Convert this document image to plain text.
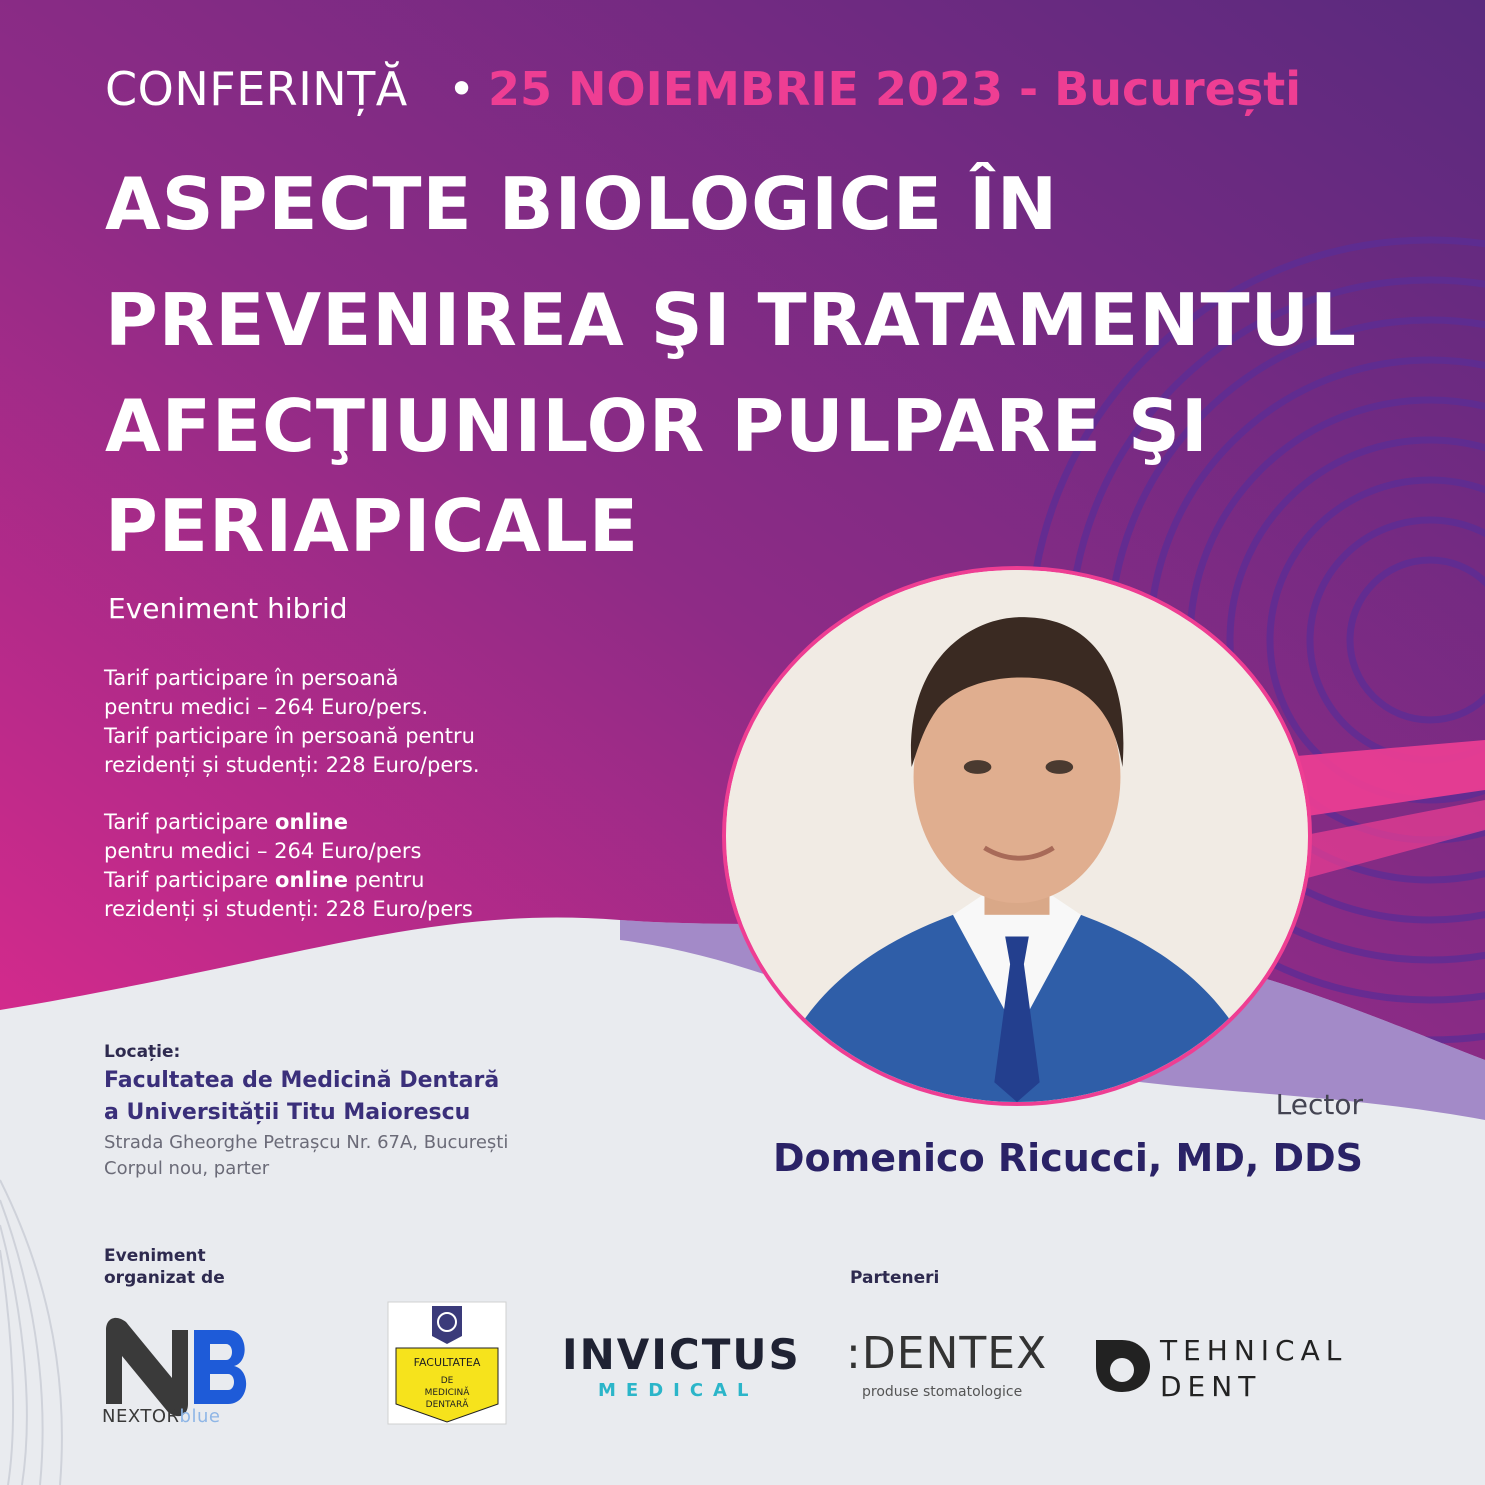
CONFERINȚĂ • 25 NOIEMBRIE 2023 - București
ASPECTE BIOLOGICE ÎN
PREVENIREA ŞI TRATAMENTUL
AFECŢIUNILOR PULPARE ŞI
PERIAPICALE
Eveniment hibrid
Tarif participare în persoană
pentru medici – 264 Euro/pers.
Tarif participare în persoană pentru
rezidenți și studenți: 228 Euro/pers.
Tarif participare online
pentru medici – 264 Euro/pers
Tarif participare online pentru
rezidenți și studenți: 228 Euro/pers
Locație:
Facultatea de Medicină Dentară
a Universității Titu Maiorescu
Strada Gheorghe Petrașcu Nr. 67A, București
Corpul nou, parter
Lector
Domenico Ricucci, MD, DDS
Eveniment
organizat de	Parteneri
NEXTORblue
FACULTATEA
DE
MEDICINĂ
DENTARĂ
INVICTUS
MEDICAL
:DENTEX
produse stomatologice
TEHNICAL
DENT
